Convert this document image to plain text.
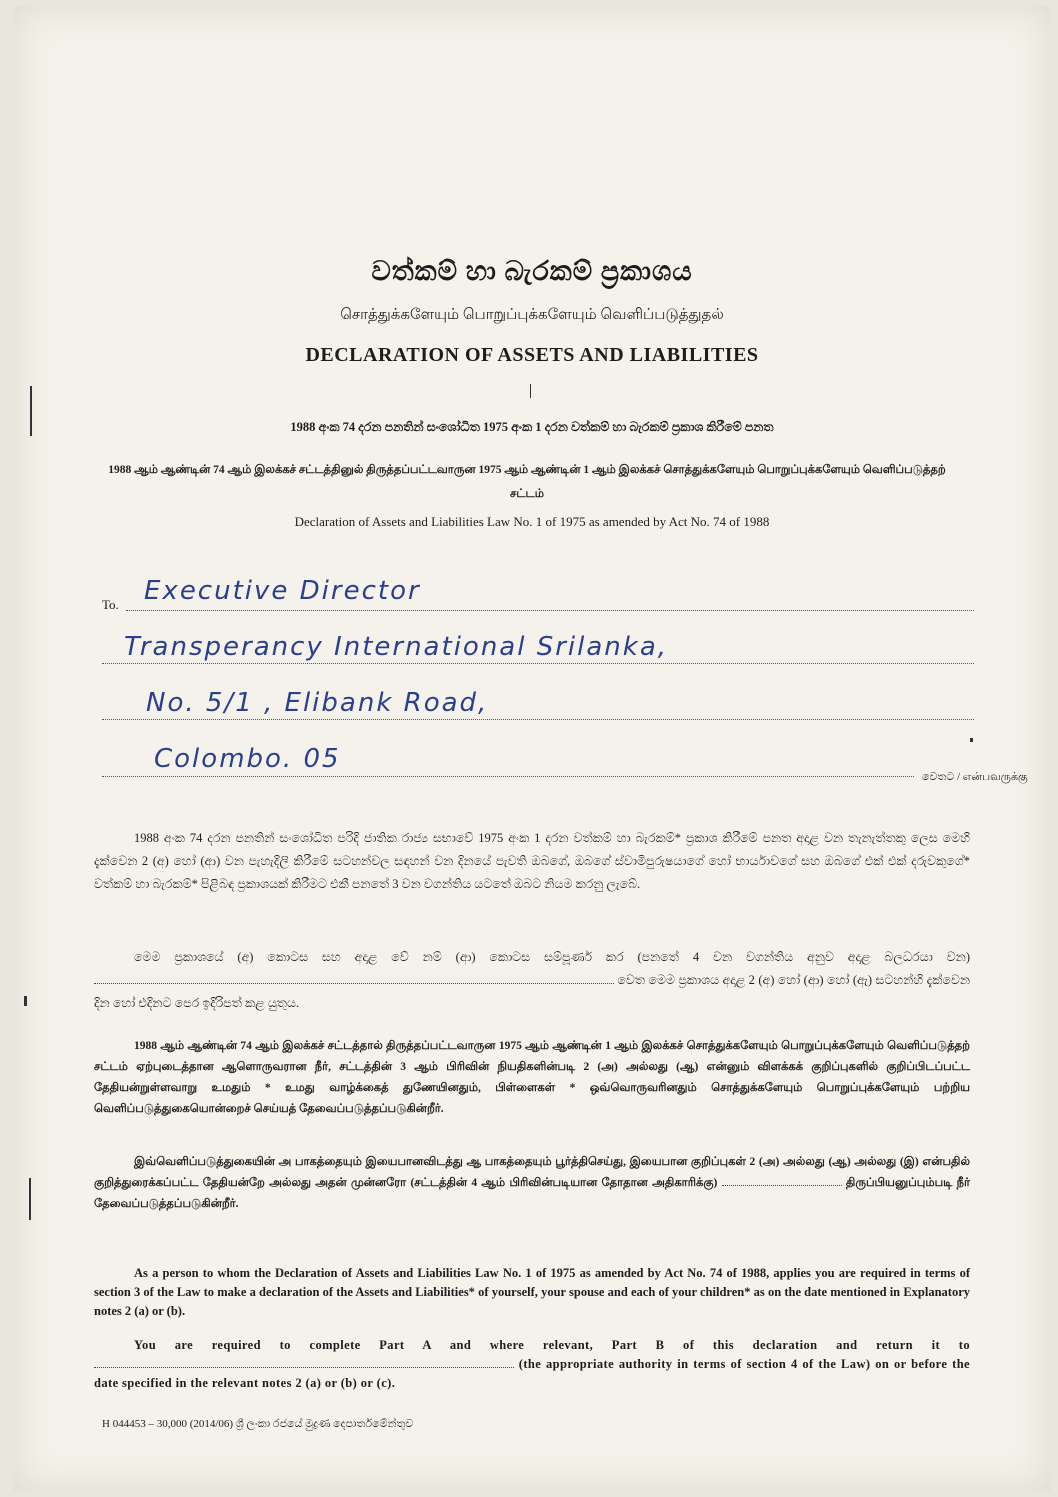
වත්කම් හා බැරකම් ප්‍රකාශය
சொத்துக்களேயும் பொறுப்புக்களேயும் வெளிப்படுத்துதல்
DECLARATION OF ASSETS AND LIABILITIES
1988 අංක 74 දරන පනතින් සංශෝධිත 1975 අංක 1 දරන වත්කම් හා බැරකම් ප්‍රකාශ කිරීමේ පනත
1988 ஆம் ஆண்டின் 74 ஆம் இலக்கச் சட்டத்தினுல் திருத்தப்பட்டவாருன 1975 ஆம் ஆண்டின் 1 ஆம் இலக்கச் சொத்துக்களேயும் பொறுப்புக்களேயும் வெளிப்படுத்தற் சட்டம்
Declaration of Assets and Liabilities Law No. 1 of 1975 as amended by Act No. 74 of 1988
To. Executive Director
Transperancy International Srilanka,
No. 5/1 , Elibank Road,
Colombo. 05
වෙතට / என்பவருக்கு
1988 අංක 74 දරන පනතින් සංශෝධිත පරිදි ජාතික රාජ්‍ය සභාවේ 1975 අංක 1 දරන වත්කම් හා බැරකම්* ප්‍රකාශ කිරීමේ පනත අදාළ වන තැනැත්තකු ලෙස මෙහි දැක්වෙන 2 (අ) හෝ (ආ) වන පැහැදිලි කිරීමේ සටහන්වල සඳහන් වන දිනයේ පැවති ඔබගේ, ඔබගේ ස්වාමිපුරුෂයාගේ හෝ භාර්යාවගේ සහ ඔබගේ එක් එක් දරුවකුගේ* වත්කම් හා බැරකම්* පිළිබඳ ප්‍රකාශයක් කිරීමට එකී පනතේ 3 වන වගන්තිය යටතේ ඔබට නියම කරනු ලැබේ.
මෙම ප්‍රකාශයේ (අ) කොටස සහ අදාළ වේ නම් (ආ) කොටස සම්පූර්ණ කර (පනතේ 4 වන වගන්තිය අනුව අදාළ බලධරයා වන)  වෙත මෙම ප්‍රකාශය අදාළ 2 (අ) හෝ (ආ) හෝ (ඇ) සටහන්හි දැක්වෙන දින හෝ එදිනට පෙර ඉදිරිපත් කළ යුතුය.
1988 ஆம் ஆண்டின் 74 ஆம் இலக்கச் சட்டத்தால் திருத்தப்பட்டவாருன 1975 ஆம் ஆண்டின் 1 ஆம் இலக்கச் சொத்துக்களேயும் பொறுப்புக்களேயும் வெளிப்படுத்தற் சட்டம் ஏற்புடைத்தான ஆளொருவரான நீர், சட்டத்தின் 3 ஆம் பிரிவின் நியதிகளின்படி 2 (அ) அல்லது (ஆ) என்னும் விளக்கக் குறிப்புகளில் குறிப்பிடப்பட்ட தேதியன்றுள்ளவாறு உமதும் * உமது வாழ்க்கைத் துணேயினதும், பிள்ளைகள் * ஒவ்வொருவரினதும் சொத்துக்களேயும் பொறுப்புக்களேயும் பற்றிய வெளிப்படுத்துகையொன்றைச் செய்யத் தேவைப்படுத்தப்படுகின்றீர்.
இவ்வெளிப்படுத்துகையின் அ பாகத்தையும் இயைபானவிடத்து ஆ பாகத்தையும் பூர்த்திசெய்து, இயைபான குறிப்புகள் 2 (அ) அல்லது (ஆ) அல்லது (இ) என்பதில் குறித்துரைக்கப்பட்ட தேதியன்றே அல்லது அதன் முன்னரோ (சட்டத்தின் 4 ஆம் பிரிவின்படியான தோதான அதிகாரிக்கு)	திருப்பியனுப்பும்படி நீர் தேவைப்படுத்தப்படுகின்றீர்.
As a person to whom the Declaration of Assets and Liabilities Law No. 1 of 1975 as amended by Act No. 74 of 1988, applies you are required in terms of section 3 of the Law to make a declaration of the Assets and Liabilities* of yourself, your spouse and each of your children* as on the date mentioned in Explanatory notes 2 (a) or (b).
You are required to complete Part A and where relevant, Part B of this declaration and return it to  (the appropriate authority in terms of section 4 of the Law) on or before the date specified in the relevant notes 2 (a) or (b) or (c).
H 044453 – 30,000 (2014/06) ශ්‍රී ලංකා රජයේ මුද්‍රණ දෙපාර්තමේන්තුව
